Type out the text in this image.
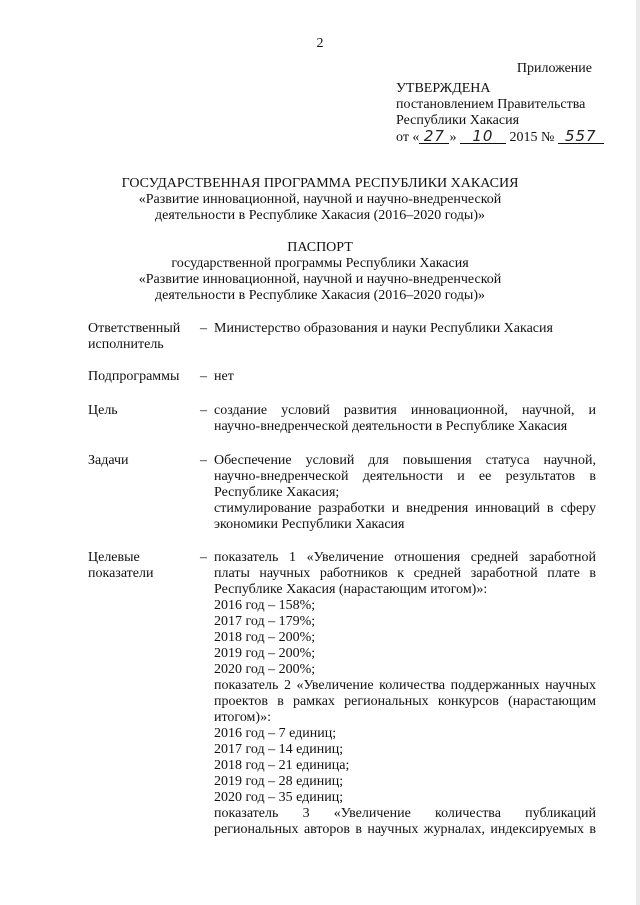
2
Приложение
УТВЕРЖДЕНА
постановлением Правительства
Республики Хакасия
от « 27 » 10 2015 № 557
ГОСУДАРСТВЕННАЯ ПРОГРАММА РЕСПУБЛИКИ ХАКАСИЯ
«Развитие инновационной, научной и научно-внедренческой
деятельности в Республике Хакасия (2016–2020 годы)»
ПАСПОРТ
государственной программы Республики Хакасия
«Развитие инновационной, научной и научно-внедренческой
деятельности в Республике Хакасия (2016–2020 годы)»
Ответственный
исполнитель
– Министерство образования и науки Республики Хакасия
Подпрограммы	– нет
Цель	– создание условий развития инновационной, научной, и
научно-внедренческой деятельности в Республике Хакасия
Задачи	– Обеспечение условий для повышения статуса научной,
научно-внедренческой деятельности и ее результатов в
Республике Хакасия;
стимулирование разработки и внедрения инноваций в сферу
экономики Республики Хакасия
Целевые
показатели
– показатель 1 «Увеличение отношения средней заработной
платы научных работников к средней заработной плате в
Республике Хакасия (нарастающим итогом)»:
2016 год – 158%;
2017 год – 179%;
2018 год – 200%;
2019 год – 200%;
2020 год – 200%;
показатель 2 «Увеличение количества поддержанных научных
проектов в рамках региональных конкурсов (нарастающим
итогом)»:
2016 год – 7 единиц;
2017 год – 14 единиц;
2018 год – 21 единица;
2019 год – 28 единиц;
2020 год – 35 единиц;
показатель 3 «Увеличение количества публикаций
региональных авторов в научных журналах, индексируемых в
